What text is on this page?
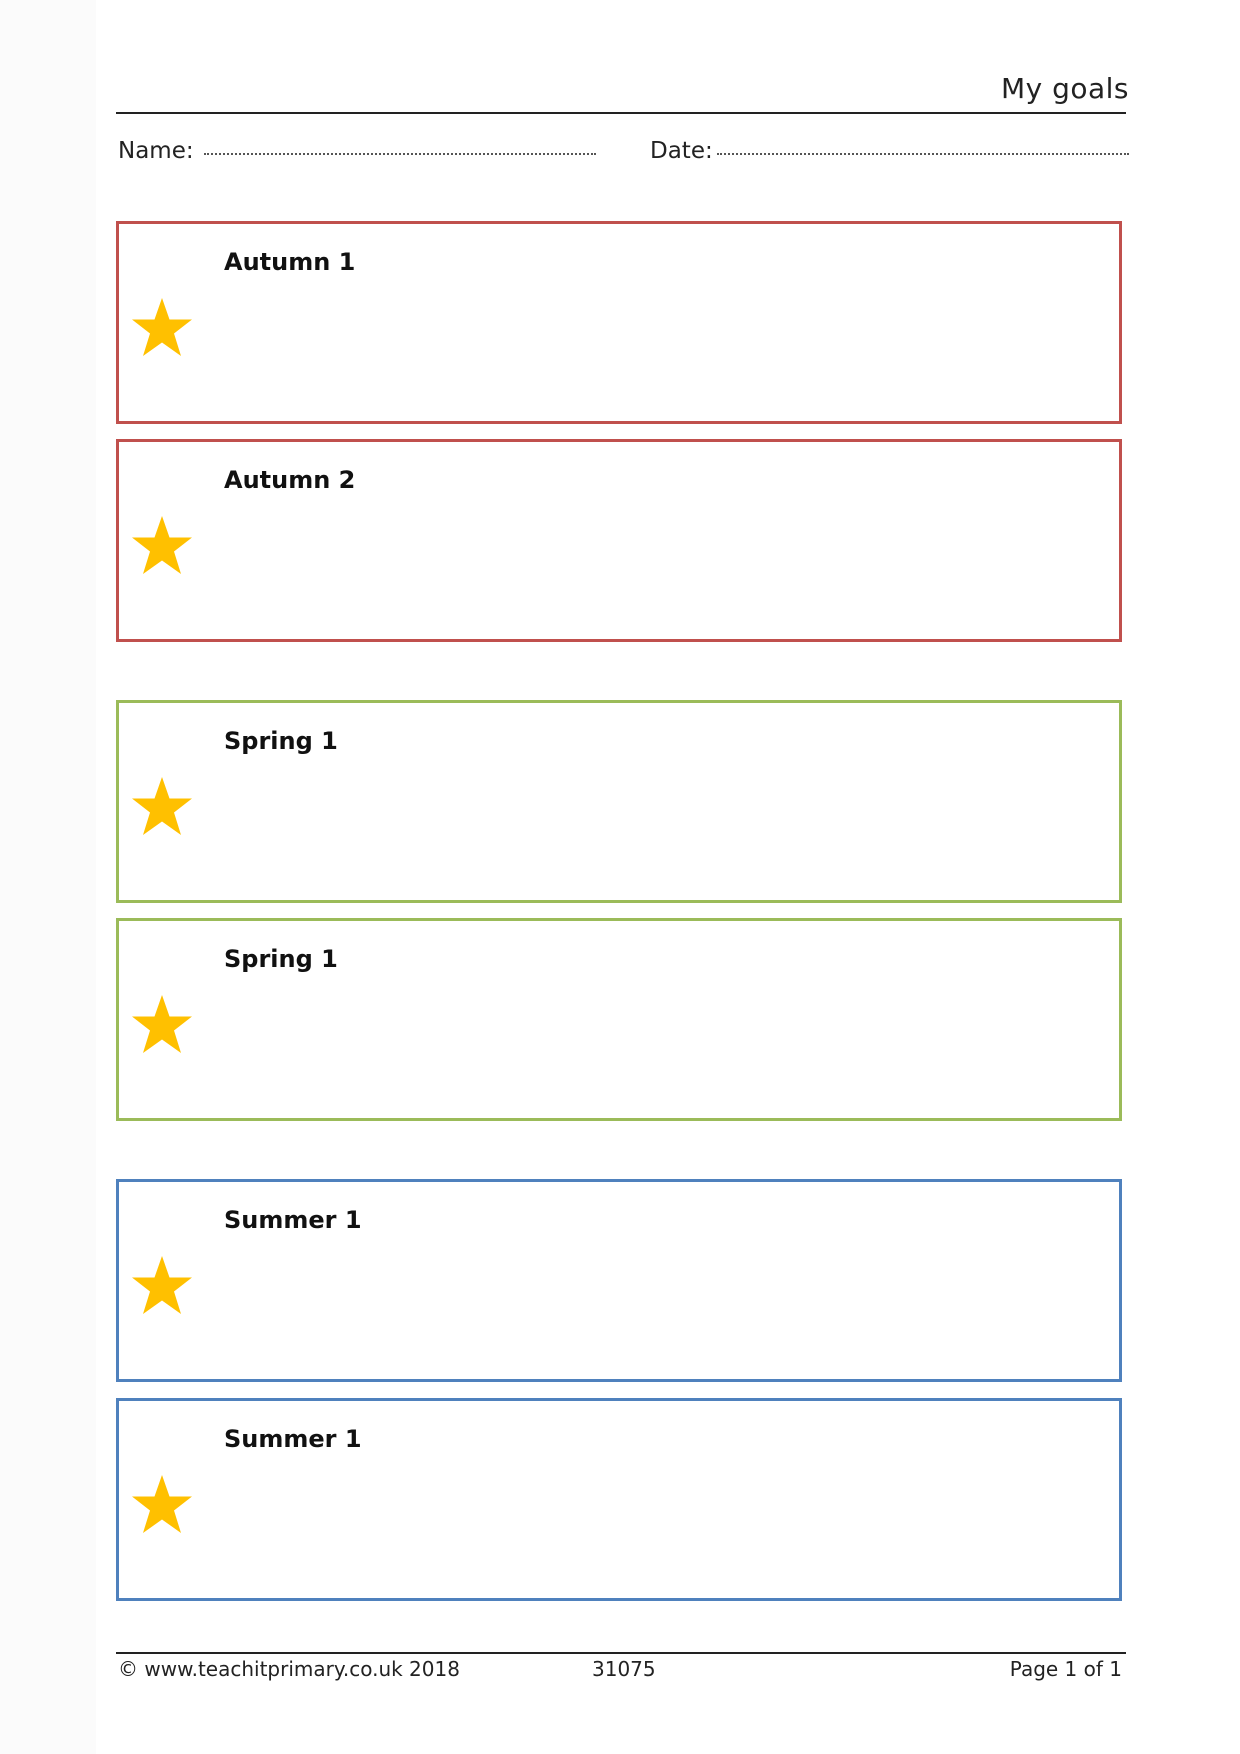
My goals
Name:	Date:
Autumn 1
Autumn 2
Spring 1
Spring 1
Summer 1
Summer 1
© www.teachitprimary.co.uk 2018	31075	Page 1 of 1
